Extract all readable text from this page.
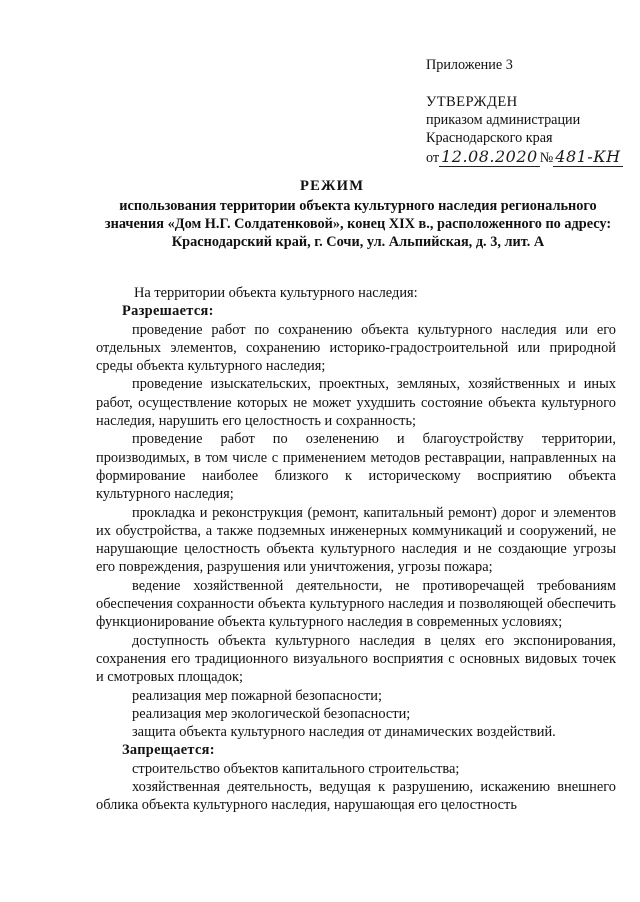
Приложение 3
УТВЕРЖДЕН
приказом администрации
Краснодарского края
от 12.08.2020 № 481-КН
РЕЖИМ
использования территории объекта культурного наследия регионального значения «Дом Н.Г. Солдатенковой», конец XIX в., расположенного по адресу: Краснодарский край, г. Сочи, ул. Альпийская, д. 3, лит. А

На территории объекта культурного наследия:

Разрешается:

проведение работ по сохранению объекта культурного наследия или его отдельных элементов, сохранению историко-градостроительной или природной среды объекта культурного наследия;

проведение изыскательских, проектных, земляных, хозяйственных и иных работ, осуществление которых не может ухудшить состояние объекта культурного наследия, нарушить его целостность и сохранность;

проведение работ по озеленению и благоустройству территории, производимых, в том числе с применением методов реставрации, направленных на формирование наиболее близкого к историческому восприятию объекта культурного наследия;

прокладка и реконструкция (ремонт, капитальный ремонт) дорог и элементов их обустройства, а также подземных инженерных коммуникаций и сооружений, не нарушающие целостность объекта культурного наследия и не создающие угрозы его повреждения, разрушения или уничтожения, угрозы пожара;

ведение хозяйственной деятельности, не противоречащей требованиям обеспечения сохранности объекта культурного наследия и позволяющей обеспечить функционирование объекта культурного наследия в современных условиях;

доступность объекта культурного наследия в целях его экспонирования, сохранения его традиционного визуального восприятия с основных видовых точек и смотровых площадок;

реализация мер пожарной безопасности;

реализация мер экологической безопасности;

защита объекта культурного наследия от динамических воздействий.

Запрещается:

строительство объектов капитального строительства;

хозяйственная деятельность, ведущая к разрушению, искажению внешнего облика объекта культурного наследия, нарушающая его целостность
